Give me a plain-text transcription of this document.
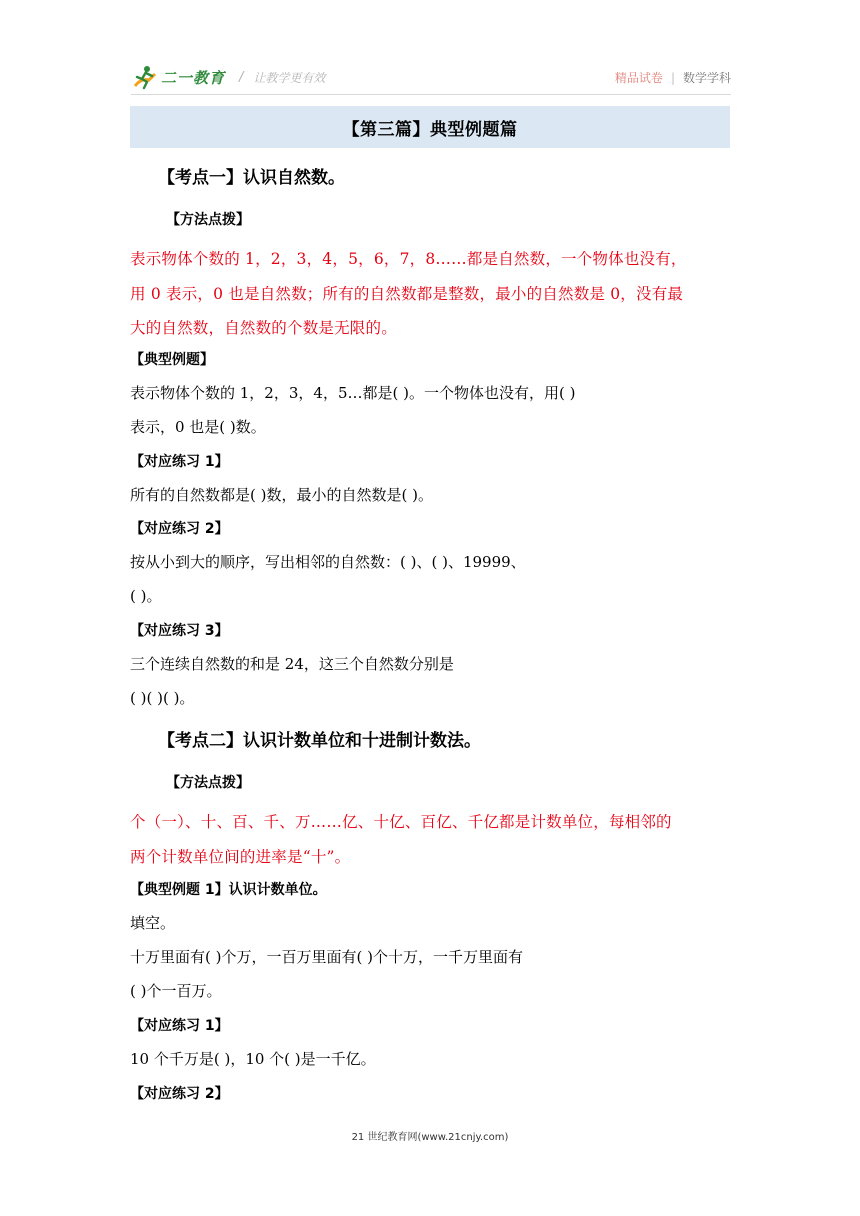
二一教育 / 让教学更有效	精品试卷 | 数学学科
【第三篇】典型例题篇
【考点一】认识自然数。
【方法点拨】
表示物体个数的 1，2，3，4，5，6，7，8……都是自然数，一个物体也没有，
用 0 表示，0 也是自然数；所有的自然数都是整数，最小的自然数是 0，没有最
大的自然数，自然数的个数是无限的。
【典型例题】
表示物体个数的 1，2，3，4，5…都是( )。一个物体也没有，用( )
表示，0 也是( )数。
【对应练习 1】
所有的自然数都是( )数，最小的自然数是( )。
【对应练习 2】
按从小到大的顺序，写出相邻的自然数：( )、( )、19999、
( )。
【对应练习 3】
三个连续自然数的和是 24，这三个自然数分别是
( )( )( )。
【考点二】认识计数单位和十进制计数法。
【方法点拨】
个（一）、十、百、千、万……亿、十亿、百亿、千亿都是计数单位，每相邻的
两个计数单位间的进率是“十”。
【典型例题 1】认识计数单位。
填空。
十万里面有( )个万，一百万里面有( )个十万，一千万里面有
( )个一百万。
【对应练习 1】
10 个千万是( )，10 个( )是一千亿。
【对应练习 2】
21 世纪教育网(www.21cnjy.com)
